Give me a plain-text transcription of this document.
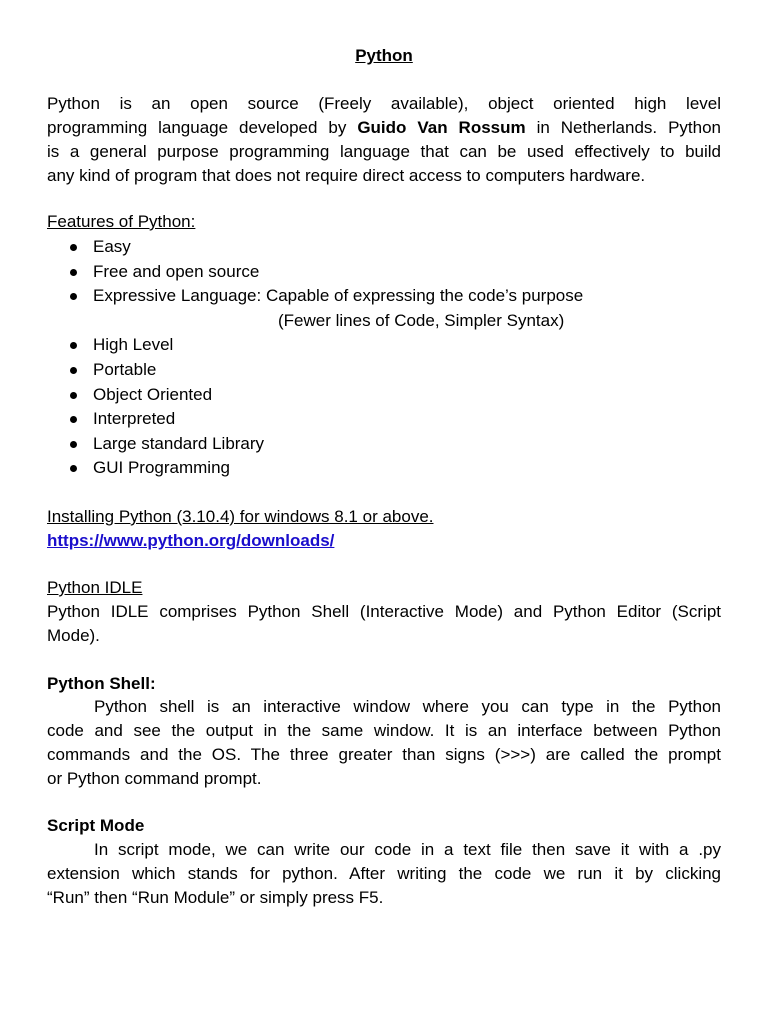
Python
Python is an open source (Freely available), object oriented high level
programming language developed by Guido Van Rossum in Netherlands. Python
is a general purpose programming language that can be used effectively to build
any kind of program that does not require direct access to computers hardware.
Features of Python:
Easy
Free and open source
Expressive Language: Capable of expressing the code’s purpose
(Fewer lines of Code, Simpler Syntax)
High Level
Portable
Object Oriented
Interpreted
Large standard Library
GUI Programming
Installing Python (3.10.4) for windows 8.1 or above.
https://www.python.org/downloads/
Python IDLE
Python IDLE comprises Python Shell (Interactive Mode) and Python Editor (Script
Mode).
Python Shell:
Python shell is an interactive window where you can type in the Python
code and see the output in the same window. It is an interface between Python
commands and the OS. The three greater than signs (>>>) are called the prompt
or Python command prompt.
Script Mode
In script mode, we can write our code in a text file then save it with a .py
extension which stands for python. After writing the code we run it by clicking
“Run” then “Run Module” or simply press F5.
